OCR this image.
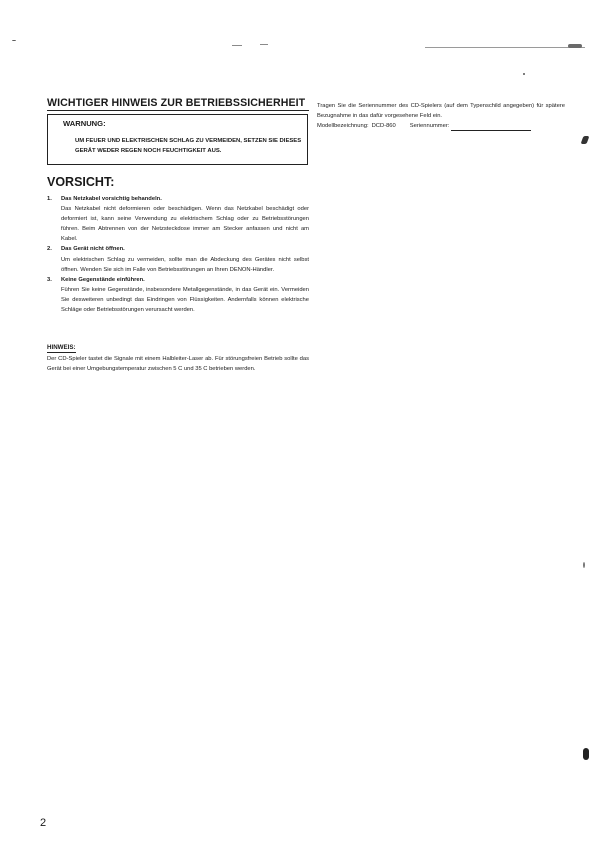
WICHTIGER HINWEIS ZUR BETRIEBSSICHERHEIT
WARNUNG:
UM FEUER UND ELEKTRISCHEN SCHLAG ZU VERMEIDEN, SETZEN SIE DIESES GERÄT WEDER REGEN NOCH FEUCHTIGKEIT AUS.
VORSICHT:
1. Das Netzkabel vorsichtig behandeln.
Das Netzkabel nicht deformieren oder beschädigen. Wenn das Netzkabel beschädigt oder deformiert ist, kann seine Verwendung zu elektrischem Schlag oder zu Betriebsstörungen führen. Beim Abtrennen von der Netzsteckdose immer am Stecker anfassen und nicht am Kabel.
2. Das Gerät nicht öffnen.
Um elektrischen Schlag zu vermeiden, sollte man die Abdeckung des Gerätes nicht selbst öffnen. Wenden Sie sich im Falle von Betriebsstörungen an Ihren DENON-Händler.
3. Keine Gegenstände einführen.
Führen Sie keine Gegenstände, insbesondere Metallgegenstände, in das Gerät ein. Vermeiden Sie desweiteren unbedingt das Eindringen von Flüssigkeiten. Andernfalls können elektrische Schläge oder Betriebsstörungen verursacht werden.
HINWEIS:
Der CD-Spieler tastet die Signale mit einem Halbleiter-Laser ab. Für störungsfreien Betrieb sollte das Gerät bei einer Umgebungstemperatur zwischen 5 C und 35 C betrieben werden.
Tragen Sie die Seriennummer des CD-Spielers (auf dem Typenschild angegeben) für spätere Bezugnahme in das dafür vorgesehene Feld ein.
Modellbezeichnung: DCD-860 Seriennummer:
2
